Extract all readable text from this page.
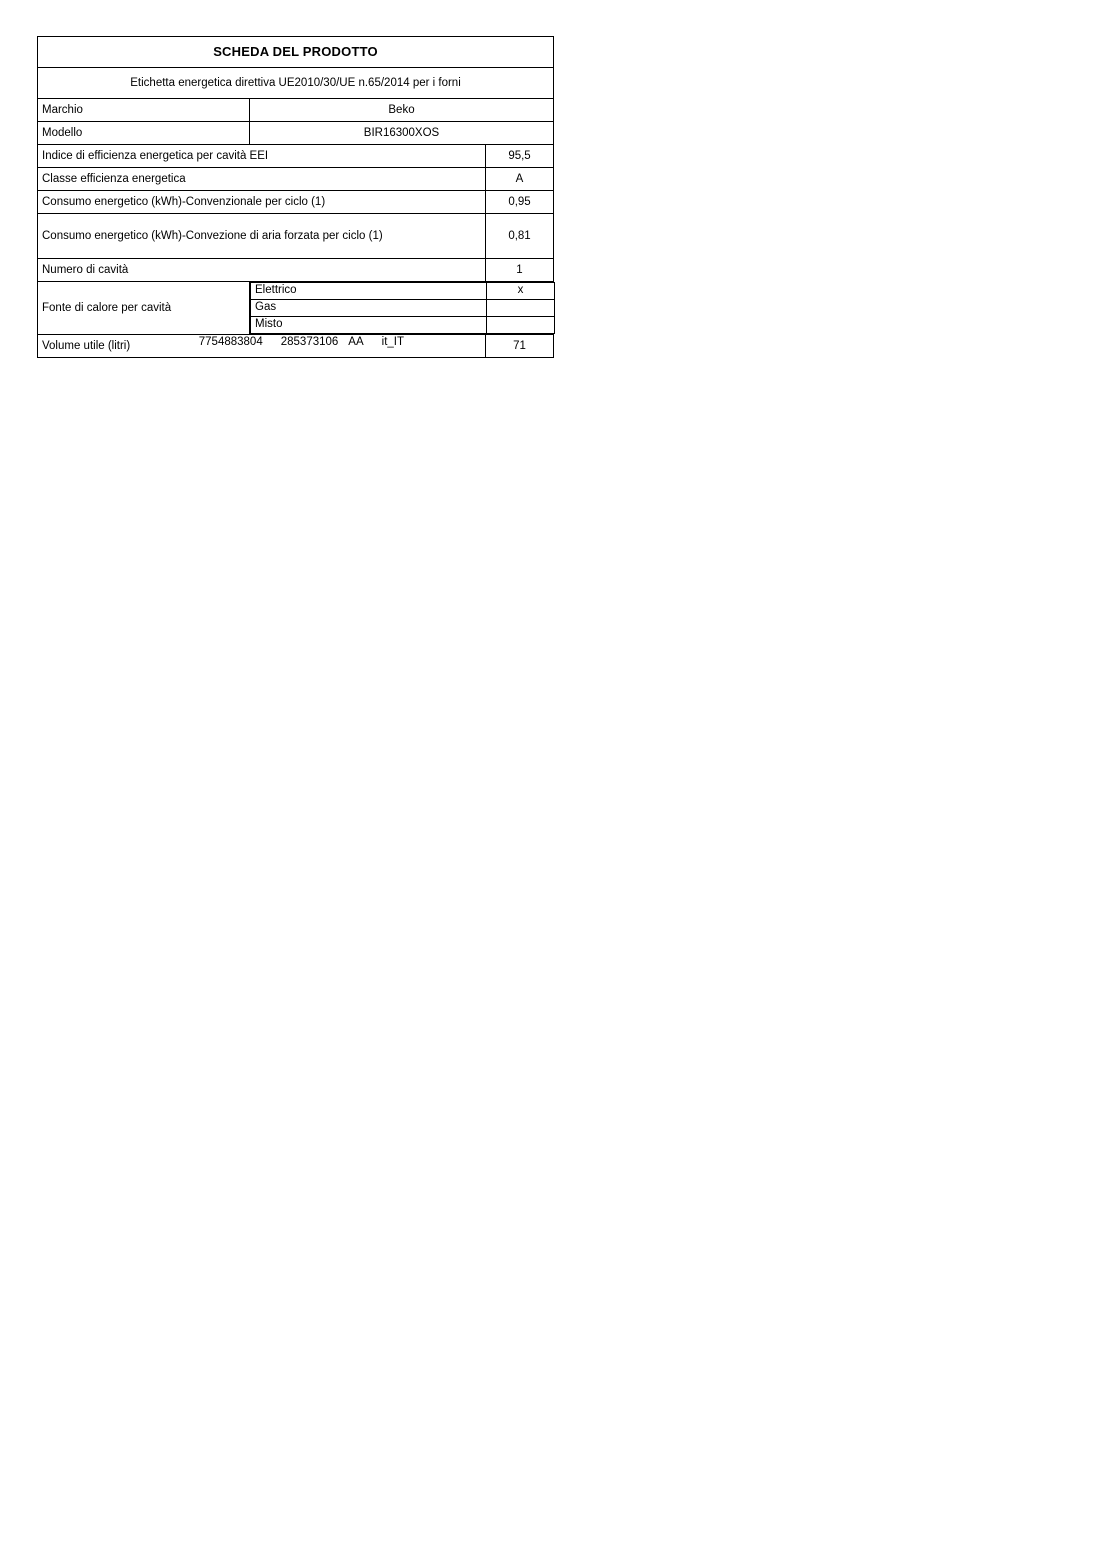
SCHEDA DEL PRODOTTO
Etichetta energetica direttiva UE2010/30/UE n.65/2014 per i forni
Marchio	Beko
Modello	BIR16300XOS
Indice di efficienza energetica per cavità EEI	95,5
Classe efficienza energetica	A
Consumo energetico (kWh)-Convenzionale per ciclo (1)	0,95
Consumo energetico (kWh)-Convezione di aria forzata per ciclo (1)	0,81
Numero di cavità	1
Fonte di calore per cavità	
Elettrico	x
Gas	
Misto	

Volume utile (litri)	71

7754883804 285373106 AA it_IT
